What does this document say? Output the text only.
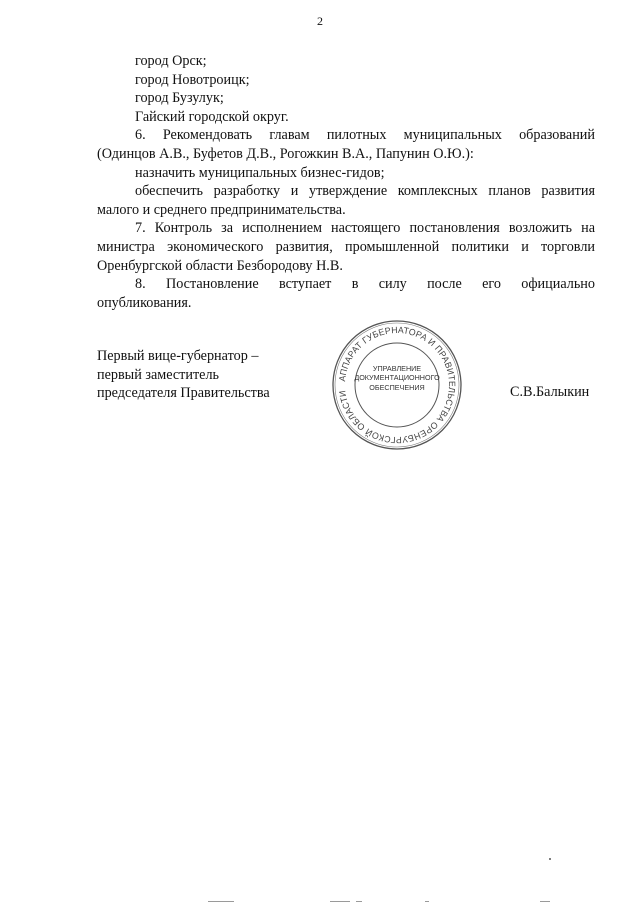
2
город Орск;
город Новотроицк;
город Бузулук;
Гайский городской округ.
6. Рекомендовать главам пилотных муниципальных образований
(Одинцов А.В., Буфетов Д.В., Рогожкин В.А., Папунин О.Ю.):
назначить муниципальных бизнес-гидов;
обеспечить разработку и утверждение комплексных планов развития
малого и среднего предпринимательства.
7. Контроль за исполнением настоящего постановления возложить на
министра экономического развития, промышленной политики и торговли
Оренбургской области Безбородову Н.В.
8. Постановление вступает в силу после его официально
опубликования.
Первый вице-губернатор –
первый заместитель
председателя Правительства
АППАРАТ ГУБЕРНАТОРА И ПРАВИТЕЛЬСТВА ОРЕНБУРГСКОЙ ОБЛАСТИ
УПРАВЛЕНИЕ
ДОКУМЕНТАЦИОННОГО
ОБЕСПЕЧЕНИЯ	С.В.Балыкин
